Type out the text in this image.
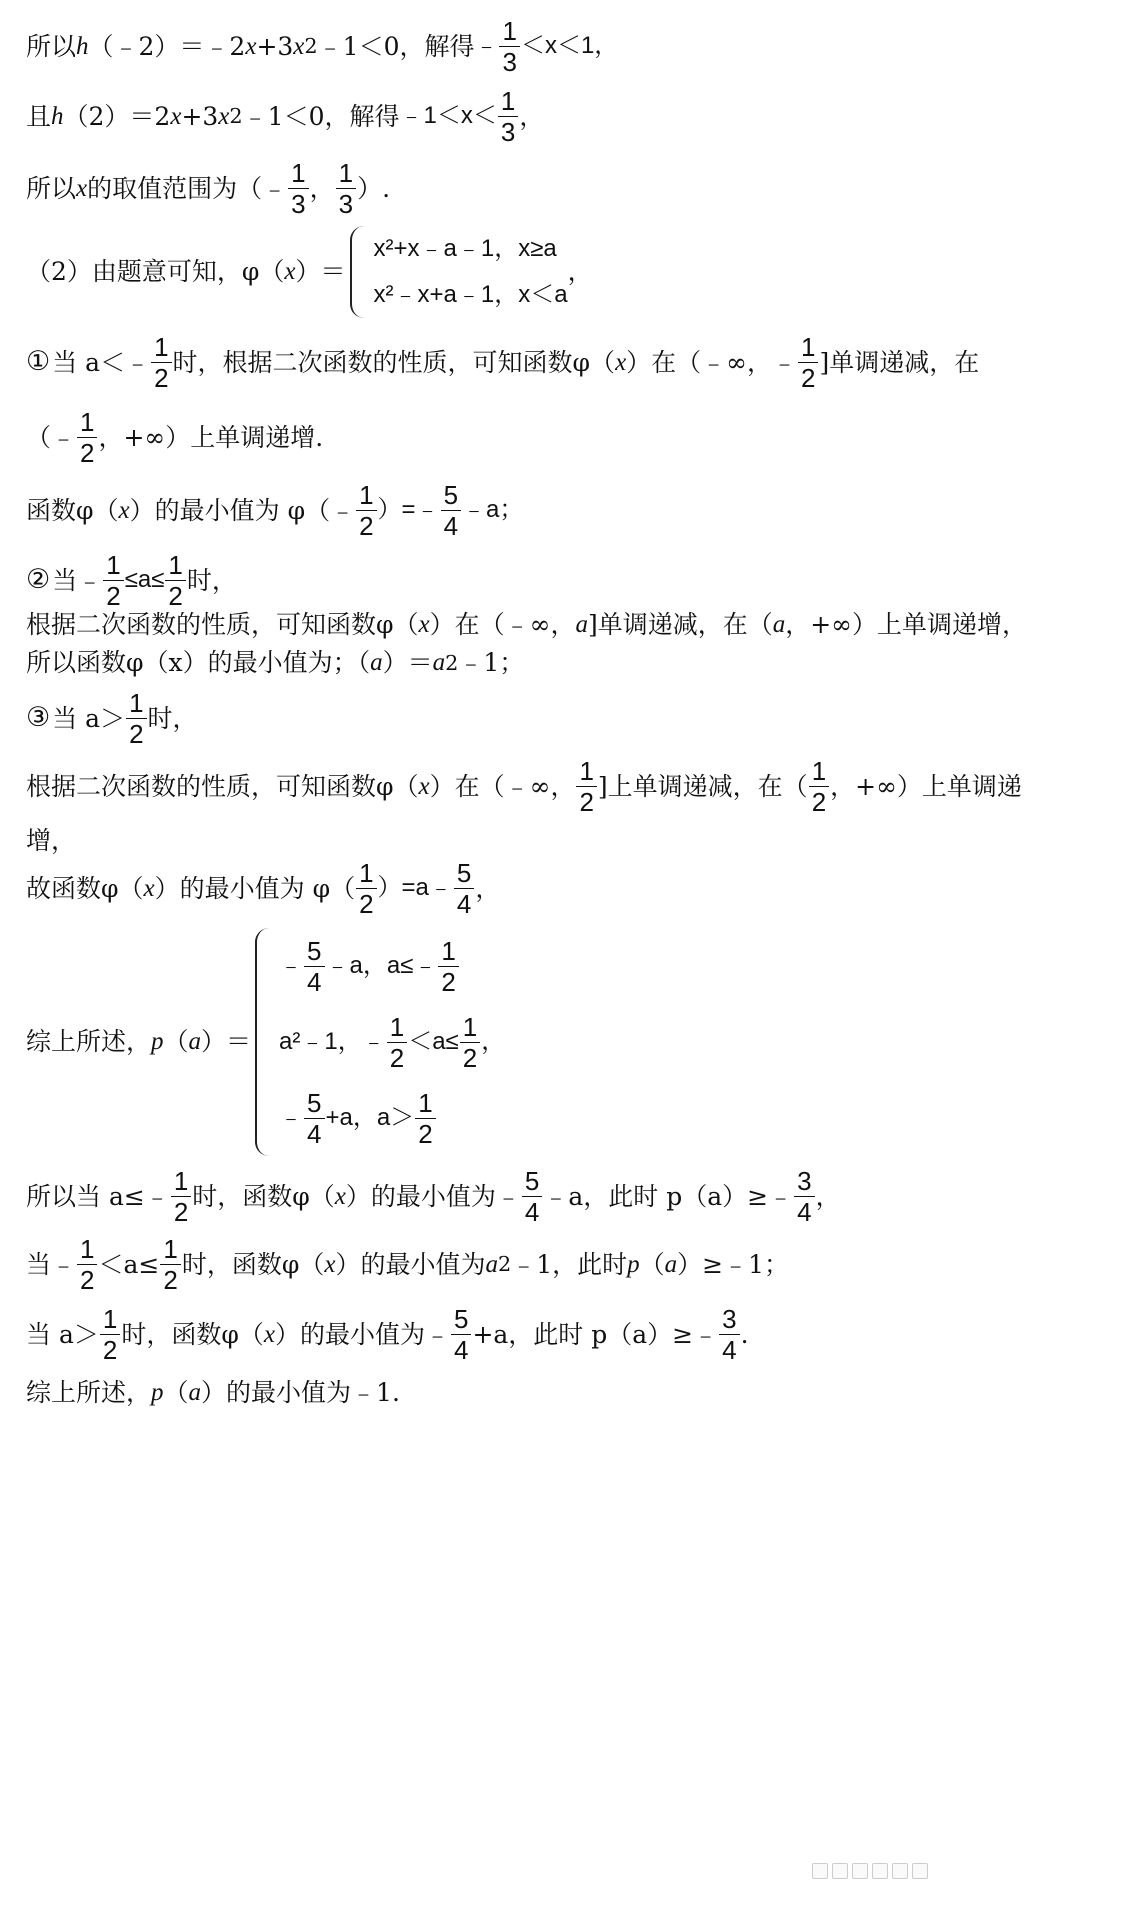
所以 h （﹣2）＝﹣2 x +3 x 2 ﹣1＜0，解得 ﹣ $\frac{1}{3} <x<1$，
且 h （2）＝2 x +3 x 2 ﹣1＜0，解得 ﹣1＜x＜ $\frac{1}{3}$ ，
所以 x 的取值范围为（﹣ $\frac{1}{3}$ ， $\frac{1}{3}$ ）.
（2）由题意可知，φ（ x ）＝
x²+x﹣a﹣1，x≥a
x²﹣x+a﹣1，x＜a
，
① 当 a＜﹣ $\frac{1}{2}$ 时，根据二次函数的性质，可知函数φ（ x ）在（﹣∞，﹣ $\frac{1}{2}$ ]单调递减，在
（﹣ $\frac{1}{2}$ ，+∞）上单调递增.
函数φ（ x ）的最小值为 φ（﹣ $\frac{1}{2}$ ）=﹣ $\frac{5}{4}$ ﹣a；
② 当﹣ $\frac{1}{2} \le a\le \frac{1}{2}$ 时，
根据二次函数的性质，可知函数φ（ x ）在（﹣∞， a ]单调递减，在（ a ，+∞）上单调递增，
所以函数φ（x）的最小值为；（ a ）＝ a 2 ﹣1；
③ 当 $a> \frac{1}{2}$ 时，
根据二次函数的性质，可知函数φ（ x ）在（﹣∞， $\frac{1}{2}$ ]上单调递减，在（ $\frac{1}{2}$ ，+∞）上单调递
增，
故函数φ（ x ）的最小值为 $\varphi( \frac{1}{2}$ ）=a﹣ $\frac{5}{4}$ ，
综上所述， p （ a ）＝
﹣ $\frac{5}{4}$ ﹣a，a≤﹣ $\frac{1}{2}$
a²﹣1，﹣ $\frac{1}{2} <a\le \frac{1}{2}$ ，
﹣ $\frac{5}{4} +a$，$a> \frac{1}{2}$
所以当 a≤﹣ $\frac{1}{2}$ 时，函数φ（ x ）的最小值为﹣ $\frac{5}{4}$ ﹣a，此时 p（a）≥﹣ $\frac{3}{4}$ ，
当﹣ $\frac{1}{2} <a\le \frac{1}{2}$ 时，函数φ（ x ）的最小值为 a 2 ﹣1，此时 p （ a ）≥﹣1；
当 $a> \frac{1}{2}$ 时，函数φ（ x ）的最小值为﹣ $\frac{5}{4} +a$，此时 p（a）≥﹣ $\frac{3}{4}$ .
综上所述， p （ a ）的最小值为﹣1.
